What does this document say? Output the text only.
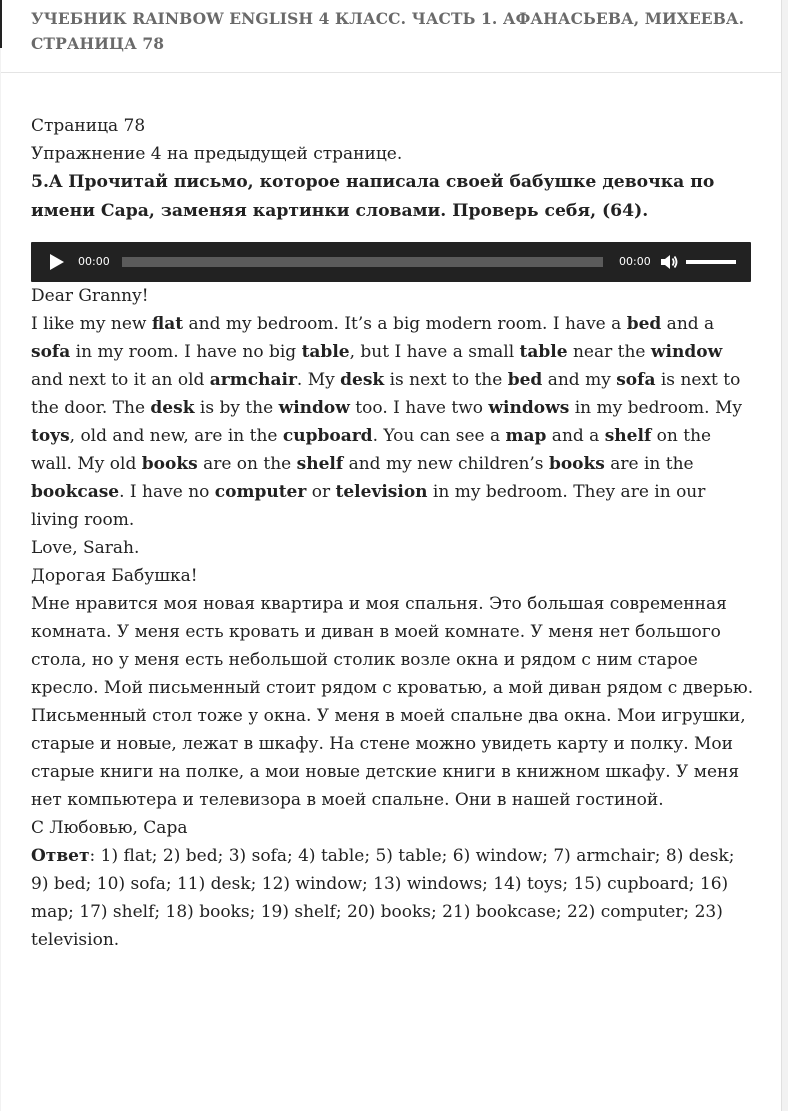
УЧЕБНИК RAINBOW ENGLISH 4 КЛАСС. ЧАСТЬ 1. АФАНАСЬЕВА, МИХЕЕВА. СТРАНИЦА 78

Страница 78

Упражнение 4 на предыдущей странице.

5.A Прочитай письмо, которое написала своей бабушке девочка по имени Сара, заменяя картинки словами. Проверь себя, (64).

00:00	00:00

Dear Granny!
I like my new flat and my bedroom. It’s a big modern room. I have a bed and a sofa in my room. I have no big table, but I have a small table near the window and next to it an old armchair. My desk is next to the bed and my sofa is next to the door. The desk is by the window too. I have two windows in my bedroom. My toys, old and new, are in the cupboard. You can see a map and a shelf on the wall. My old books are on the shelf and my new children’s books are in the bookcase. I have no computer or television in my bedroom. They are in our living room.

Love, Sarah.

Дорогая Бабушка!
Мне нравится моя новая квартира и моя спальня. Это большая современная комната. У меня есть кровать и диван в моей комнате. У меня нет большого стола, но у меня есть небольшой столик возле окна и рядом с ним старое кресло. Мой письменный стоит рядом с кроватью, а мой диван рядом с дверью. Письменный стол тоже у окна. У меня в моей спальне два окна. Мои игрушки, старые и новые, лежат в шкафу. На стене можно увидеть карту и полку. Мои старые книги на полке, а мои новые детские книги в книжном шкафу. У меня нет компьютера и телевизора в моей спальне. Они в нашей гостиной.

С Любовью, Сара

Ответ: 1) flat; 2) bed; 3) sofa; 4) table; 5) table; 6) window; 7) armchair; 8) desk; 9) bed; 10) sofa; 11) desk; 12) window; 13) windows; 14) toys; 15) cupboard; 16) map; 17) shelf; 18) books; 19) shelf; 20) books; 21) bookcase; 22) computer; 23) television.
